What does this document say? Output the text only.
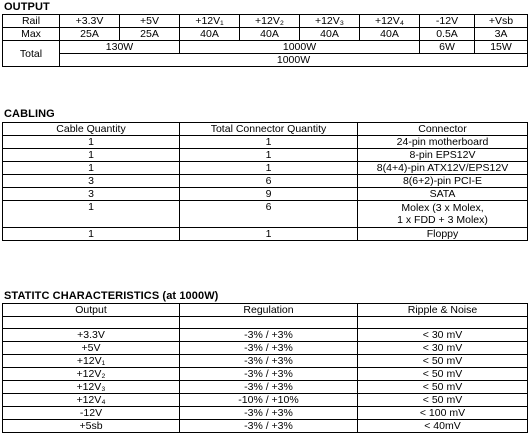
OUTPUT
Rail	+3.3V	+5V	+12V₁	+12V₂	+12V₃	+12V₄	-12V	+Vsb
Max	25A	25A	40A	40A	40A	40A	0.5A	3A
Total	130W		1000W				6W	15W
	1000W							
CABLING
Cable Quantity	Total Connector Quantity	Connector
1	1	24-pin motherboard
1	1	8-pin EPS12V
1	1	8(4+4)-pin ATX12V/EPS12V
3	6	8(6+2)-pin PCI-E
3	9	SATA
1	6	Molex (3 x Molex,
1 x FDD + 3 Molex)

1	1	Floppy
STATITC CHARACTERISTICS (at 1000W)
Output	Regulation	Ripple & Noise

+3.3V	-3% / +3%	< 30 mV
+5V	-3% / +3%	< 30 mV
+12V₁	-3% / +3%	< 50 mV
+12V₂	-3% / +3%	< 50 mV
+12V₃	-3% / +3%	< 50 mV
+12V₄	-10% / +10%	< 50 mV
-12V	-3% / +3%	< 100 mV
+5sb	-3% / +3%	< 40mV
